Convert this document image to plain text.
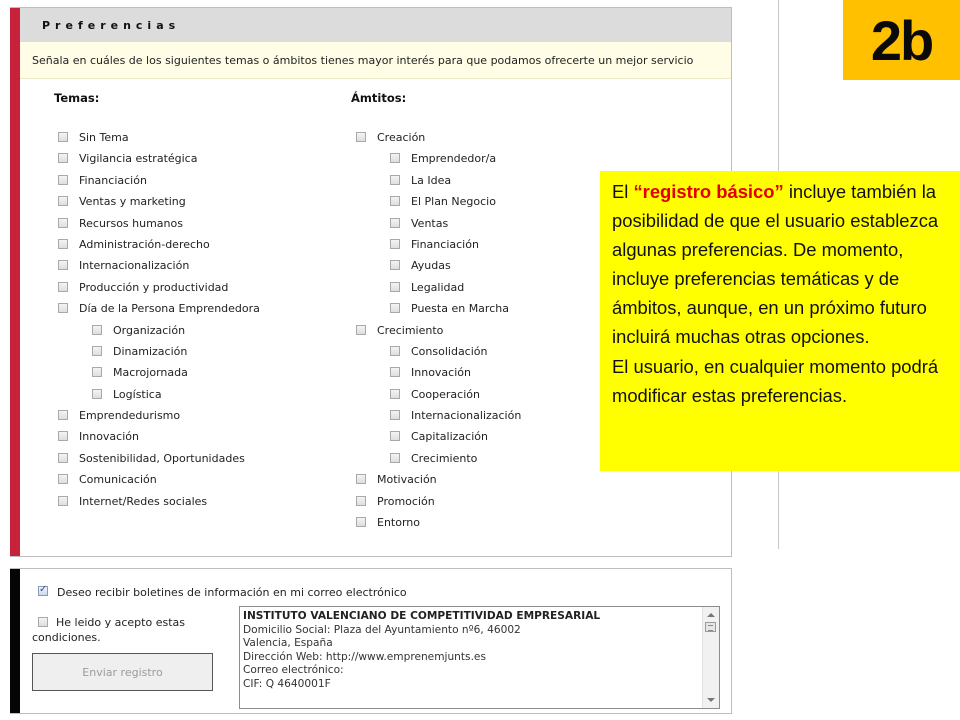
Preferencias
Señala en cuáles de los siguientes temas o ámbitos tienes mayor interés para que podamos ofrecerte un mejor servicio
Temas:	Ámtitos:
Sin Tema
Vigilancia estratégica
Financiación
Ventas y marketing
Recursos humanos
Administración-derecho
Internacionalización
Producción y productividad
Día de la Persona Emprendedora
Organización
Dinamización
Macrojornada
Logística
Emprendedurismo
Innovación
Sostenibilidad, Oportunidades
Comunicación
Internet/Redes sociales
Creación
Emprendedor/a
La Idea
El Plan Negocio
Ventas
Financiación
Ayudas
Legalidad
Puesta en Marcha
Crecimiento
Consolidación
Innovación
Cooperación
Internacionalización
Capitalización
Crecimiento
Motivación
Promoción
Entorno
✓ Deseo recibir boletines de información en mi correo electrónico
He leido y acepto estas condiciones.
Enviar registro
INSTITUTO VALENCIANO DE COMPETITIVIDAD EMPRESARIAL
Domicilio Social: Plaza del Ayuntamiento nº6, 46002
Valencia, España
Dirección Web: http://www.emprenemjunts.es
Correo electrónico:
CIF: Q 4640001F
2b
El “registro básico” incluye también la posibilidad de que el usuario establezca algunas preferencias. De momento, incluye preferencias temáticas y de ámbitos, aunque, en un próximo futuro incluirá muchas otras opciones.
El usuario, en cualquier momento podrá modificar estas preferencias.
